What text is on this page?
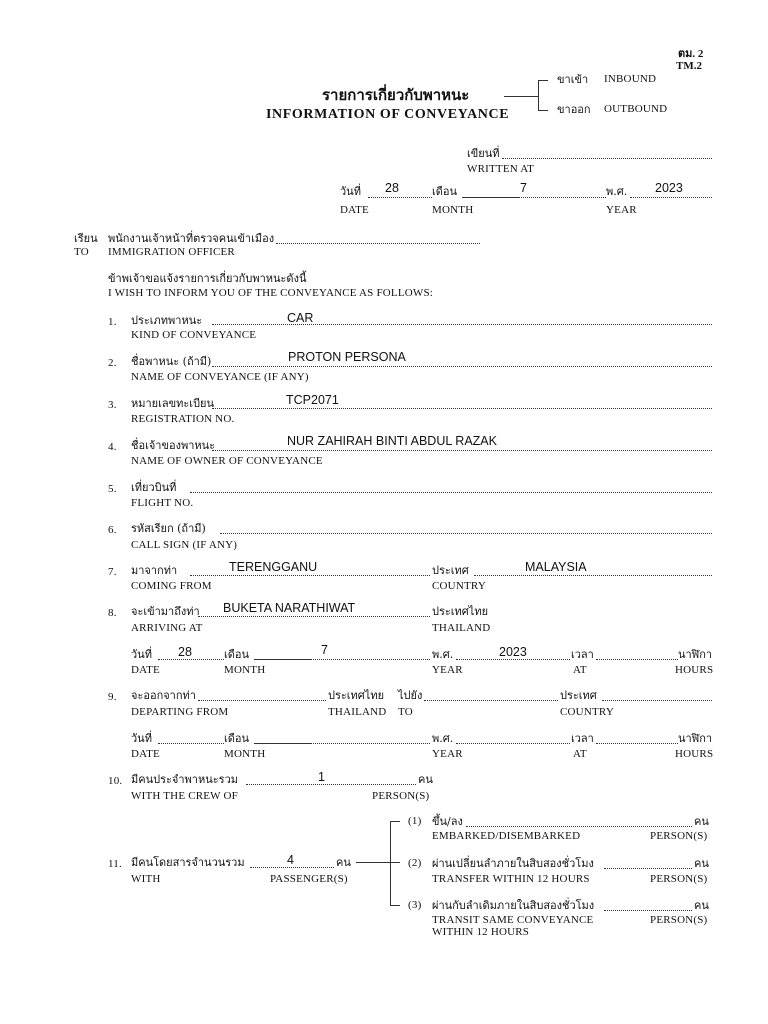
ตม. 2
TM.2
รายการเกี่ยวกับพาหนะ
INFORMATION OF CONVEYANCE
ขาเข้า INBOUND
ขาออก OUTBOUND
เขียนที่
WRITTEN AT
วันที่ 28
DATE
เดือน	7
MONTH
พ.ศ. 2023
YEAR
เรียน พนักงานเจ้าหน้าที่ตรวจคนเข้าเมือง
TO IMMIGRATION OFFICER
ข้าพเจ้าขอแจ้งรายการเกี่ยวกับพาหนะดังนี้
I WISH TO INFORM YOU OF THE CONVEYANCE AS FOLLOWS:
1. ประเภทพาหนะ	CAR
KIND OF CONVEYANCE
2. ชื่อพาหนะ (ถ้ามี)	PROTON PERSONA
NAME OF CONVEYANCE (IF ANY)
3. หมายเลขทะเบียน	TCP2071
REGISTRATION NO.
4. ชื่อเจ้าของพาหนะ	NUR ZAHIRAH BINTI ABDUL RAZAK
NAME OF OWNER OF CONVEYANCE
5. เที่ยวบินที่
FLIGHT NO.
6. รหัสเรียก (ถ้ามี)
CALL SIGN (IF ANY)
7. มาจากท่า	TERENGGANU
COMING FROM
ประเทศ	MALAYSIA
COUNTRY
8. จะเข้ามาถึงท่า BUKETA NARATHIWAT
ARRIVING AT
ประเทศไทย
THAILAND
วันที่ 28
DATE
เดือน	7
MONTH
พ.ศ.	2023
YEAR
เวลา
AT
นาฬิกา
HOURS
9. จะออกจากท่า
DEPARTING FROM
ประเทศไทย
THAILAND
ไปยัง
TO
ประเทศ
COUNTRY
วันที่
DATE
เดือน
MONTH
พ.ศ.
YEAR
เวลา
AT
นาฬิกา
HOURS
10. มีคนประจำพาหนะรวม	1	คน
WITH THE CREW OF	PERSON(S)
11. มีคนโดยสารจำนวนรวม	4	คน
WITH	PASSENGER(S)
(1) ขึ้น/ลง	คน
EMBARKED/DISEMBARKED	PERSON(S)
(2) ผ่านเปลี่ยนลำภายในสิบสองชั่วโมง	คน
TRANSFER WITHIN 12 HOURS	PERSON(S)
(3) ผ่านกับลำเดิมภายในสิบสองชั่วโมง	คน
TRANSIT SAME CONVEYANCE
WITHIN 12 HOURS
PERSON(S)
